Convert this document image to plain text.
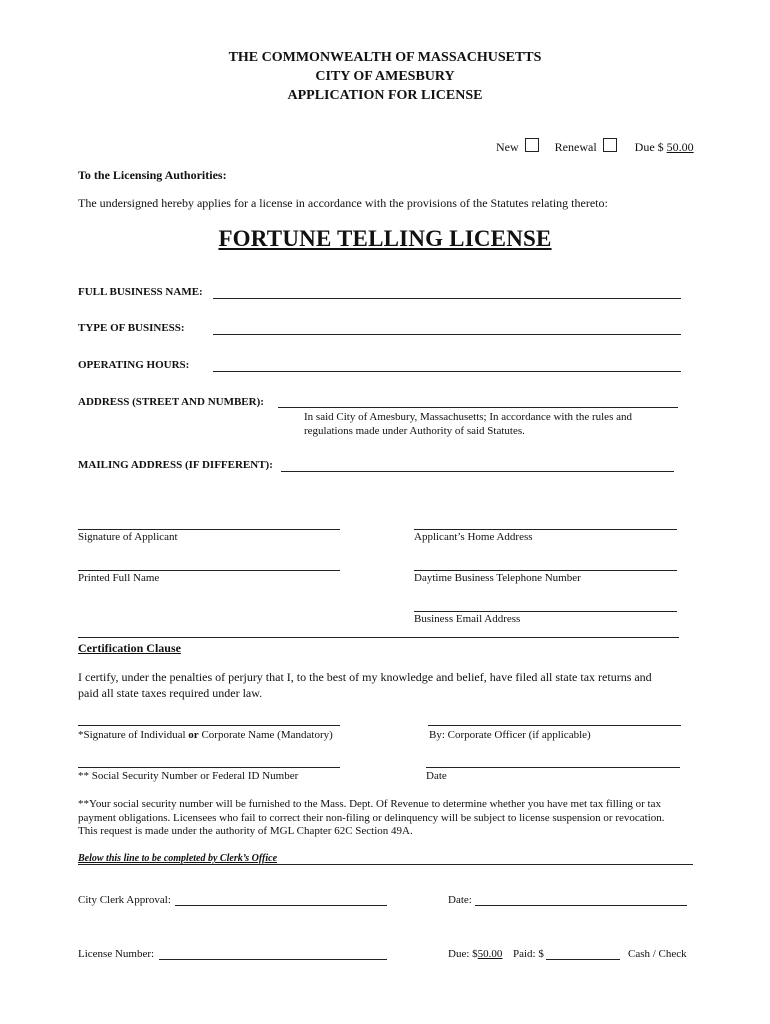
THE COMMONWEALTH OF MASSACHUSETTS
CITY OF AMESBURY
APPLICATION FOR LICENSE
New	Renewal	Due $ 50.00
To the Licensing Authorities:
The undersigned hereby applies for a license in accordance with the provisions of the Statutes relating thereto:
FORTUNE TELLING LICENSE
FULL BUSINESS NAME:
TYPE OF BUSINESS:
OPERATING HOURS:
ADDRESS (STREET AND NUMBER):
In said City of Amesbury, Massachusetts; In accordance with the rules and
regulations made under Authority of said Statutes.
MAILING ADDRESS (IF DIFFERENT):
Signature of Applicant	Applicant’s Home Address
Printed Full Name	Daytime Business Telephone Number
Business Email Address
Certification Clause
I certify, under the penalties of perjury that I, to the best of my knowledge and belief, have filed all state tax returns and
paid all state taxes required under law.
*Signature of Individual or Corporate Name (Mandatory)	By: Corporate Officer (if applicable)
** Social Security Number or Federal ID Number	Date
**Your social security number will be furnished to the Mass. Dept. Of Revenue to determine whether you have met tax filling or tax
payment obligations. Licensees who fail to correct their non-filing or delinquency will be subject to license suspension or revocation.
This request is made under the authority of MGL Chapter 62C Section 49A.
Below this line to be completed by Clerk’s Office
City Clerk Approval:	Date:
License Number:	Due: $50.00 Paid: $	Cash / Check
